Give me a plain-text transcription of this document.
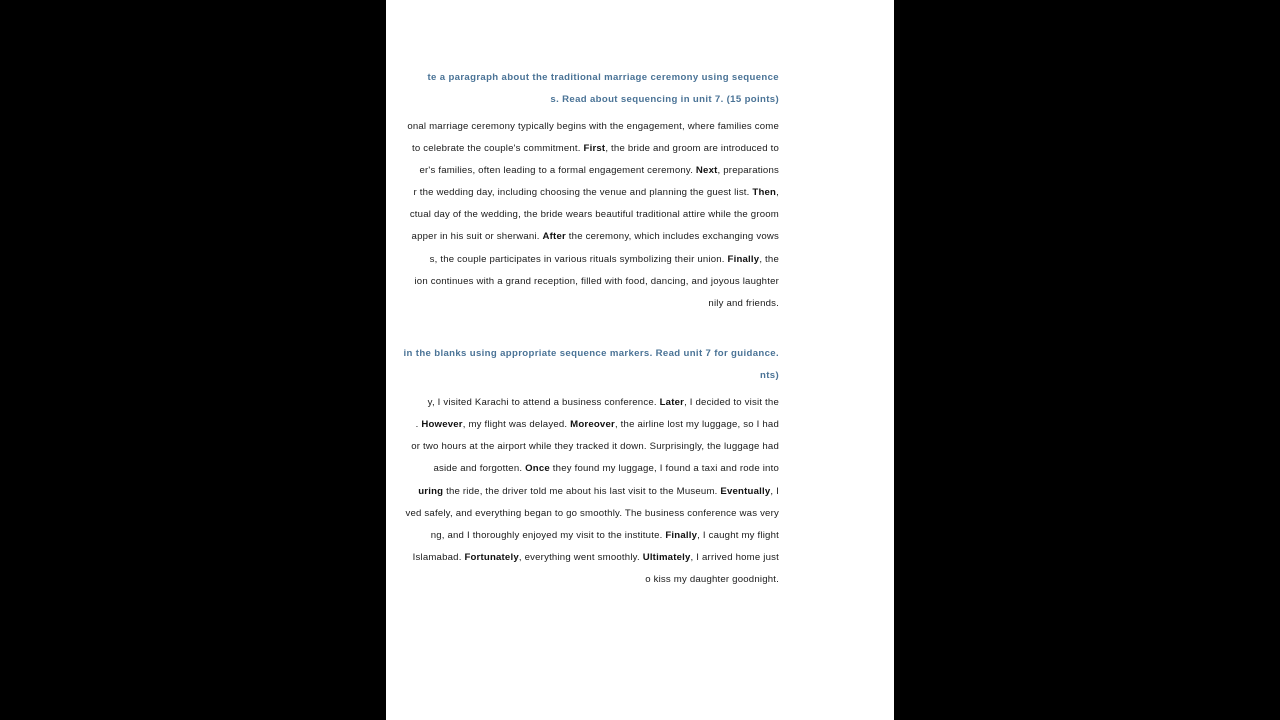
te a paragraph about the traditional marriage ceremony using sequence
s. Read about sequencing in unit 7. (15 points)
onal marriage ceremony typically begins with the engagement, where families come
to celebrate the couple's commitment. First, the bride and groom are introduced to
er's families, often leading to a formal engagement ceremony. Next, preparations
r the wedding day, including choosing the venue and planning the guest list. Then,
ctual day of the wedding, the bride wears beautiful traditional attire while the groom
apper in his suit or sherwani. After the ceremony, which includes exchanging vows
s, the couple participates in various rituals symbolizing their union. Finally, the
ion continues with a grand reception, filled with food, dancing, and joyous laughter
nily and friends.
in the blanks using appropriate sequence markers. Read unit 7 for guidance.
nts)
y, I visited Karachi to attend a business conference. Later, I decided to visit the
. However, my flight was delayed. Moreover, the airline lost my luggage, so I had
or two hours at the airport while they tracked it down. Surprisingly, the luggage had
aside and forgotten. Once they found my luggage, I found a taxi and rode into
uring the ride, the driver told me about his last visit to the Museum. Eventually, I
ved safely, and everything began to go smoothly. The business conference was very
ng, and I thoroughly enjoyed my visit to the institute. Finally, I caught my flight
Islamabad. Fortunately, everything went smoothly. Ultimately, I arrived home just
o kiss my daughter goodnight.
